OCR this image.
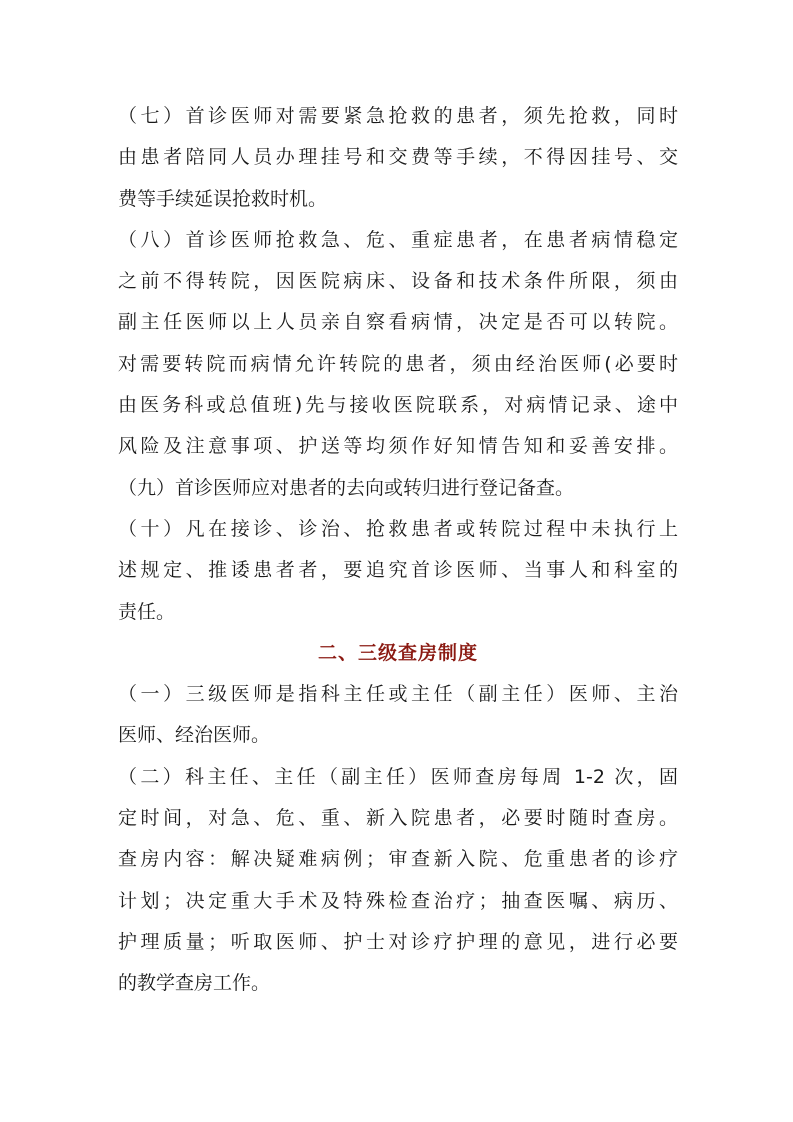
（七）首诊医师对需要紧急抢救的患者，须先抢救，同时
由患者陪同人员办理挂号和交费等手续，不得因挂号、交
费等手续延误抢救时机。
（八）首诊医师抢救急、危、重症患者，在患者病情稳定
之前不得转院，因医院病床、设备和技术条件所限，须由
副主任医师以上人员亲自察看病情，决定是否可以转院。
对需要转院而病情允许转院的患者，须由经治医师(必要时
由医务科或总值班)先与接收医院联系，对病情记录、途中
风险及注意事项、护送等均须作好知情告知和妥善安排。
（九）首诊医师应对患者的去向或转归进行登记备查。
（十）凡在接诊、诊治、抢救患者或转院过程中未执行上
述规定、推诿患者者，要追究首诊医师、当事人和科室的
责任。
二、三级查房制度
（一）三级医师是指科主任或主任（副主任）医师、主治
医师、经治医师。
（二）科主任、主任（副主任）医师查房每周 1-2 次，固
定时间，对急、危、重、新入院患者，必要时随时查房。
查房内容：解决疑难病例；审查新入院、危重患者的诊疗
计划；决定重大手术及特殊检查治疗；抽查医嘱、病历、
护理质量；听取医师、护士对诊疗护理的意见，进行必要
的教学查房工作。
